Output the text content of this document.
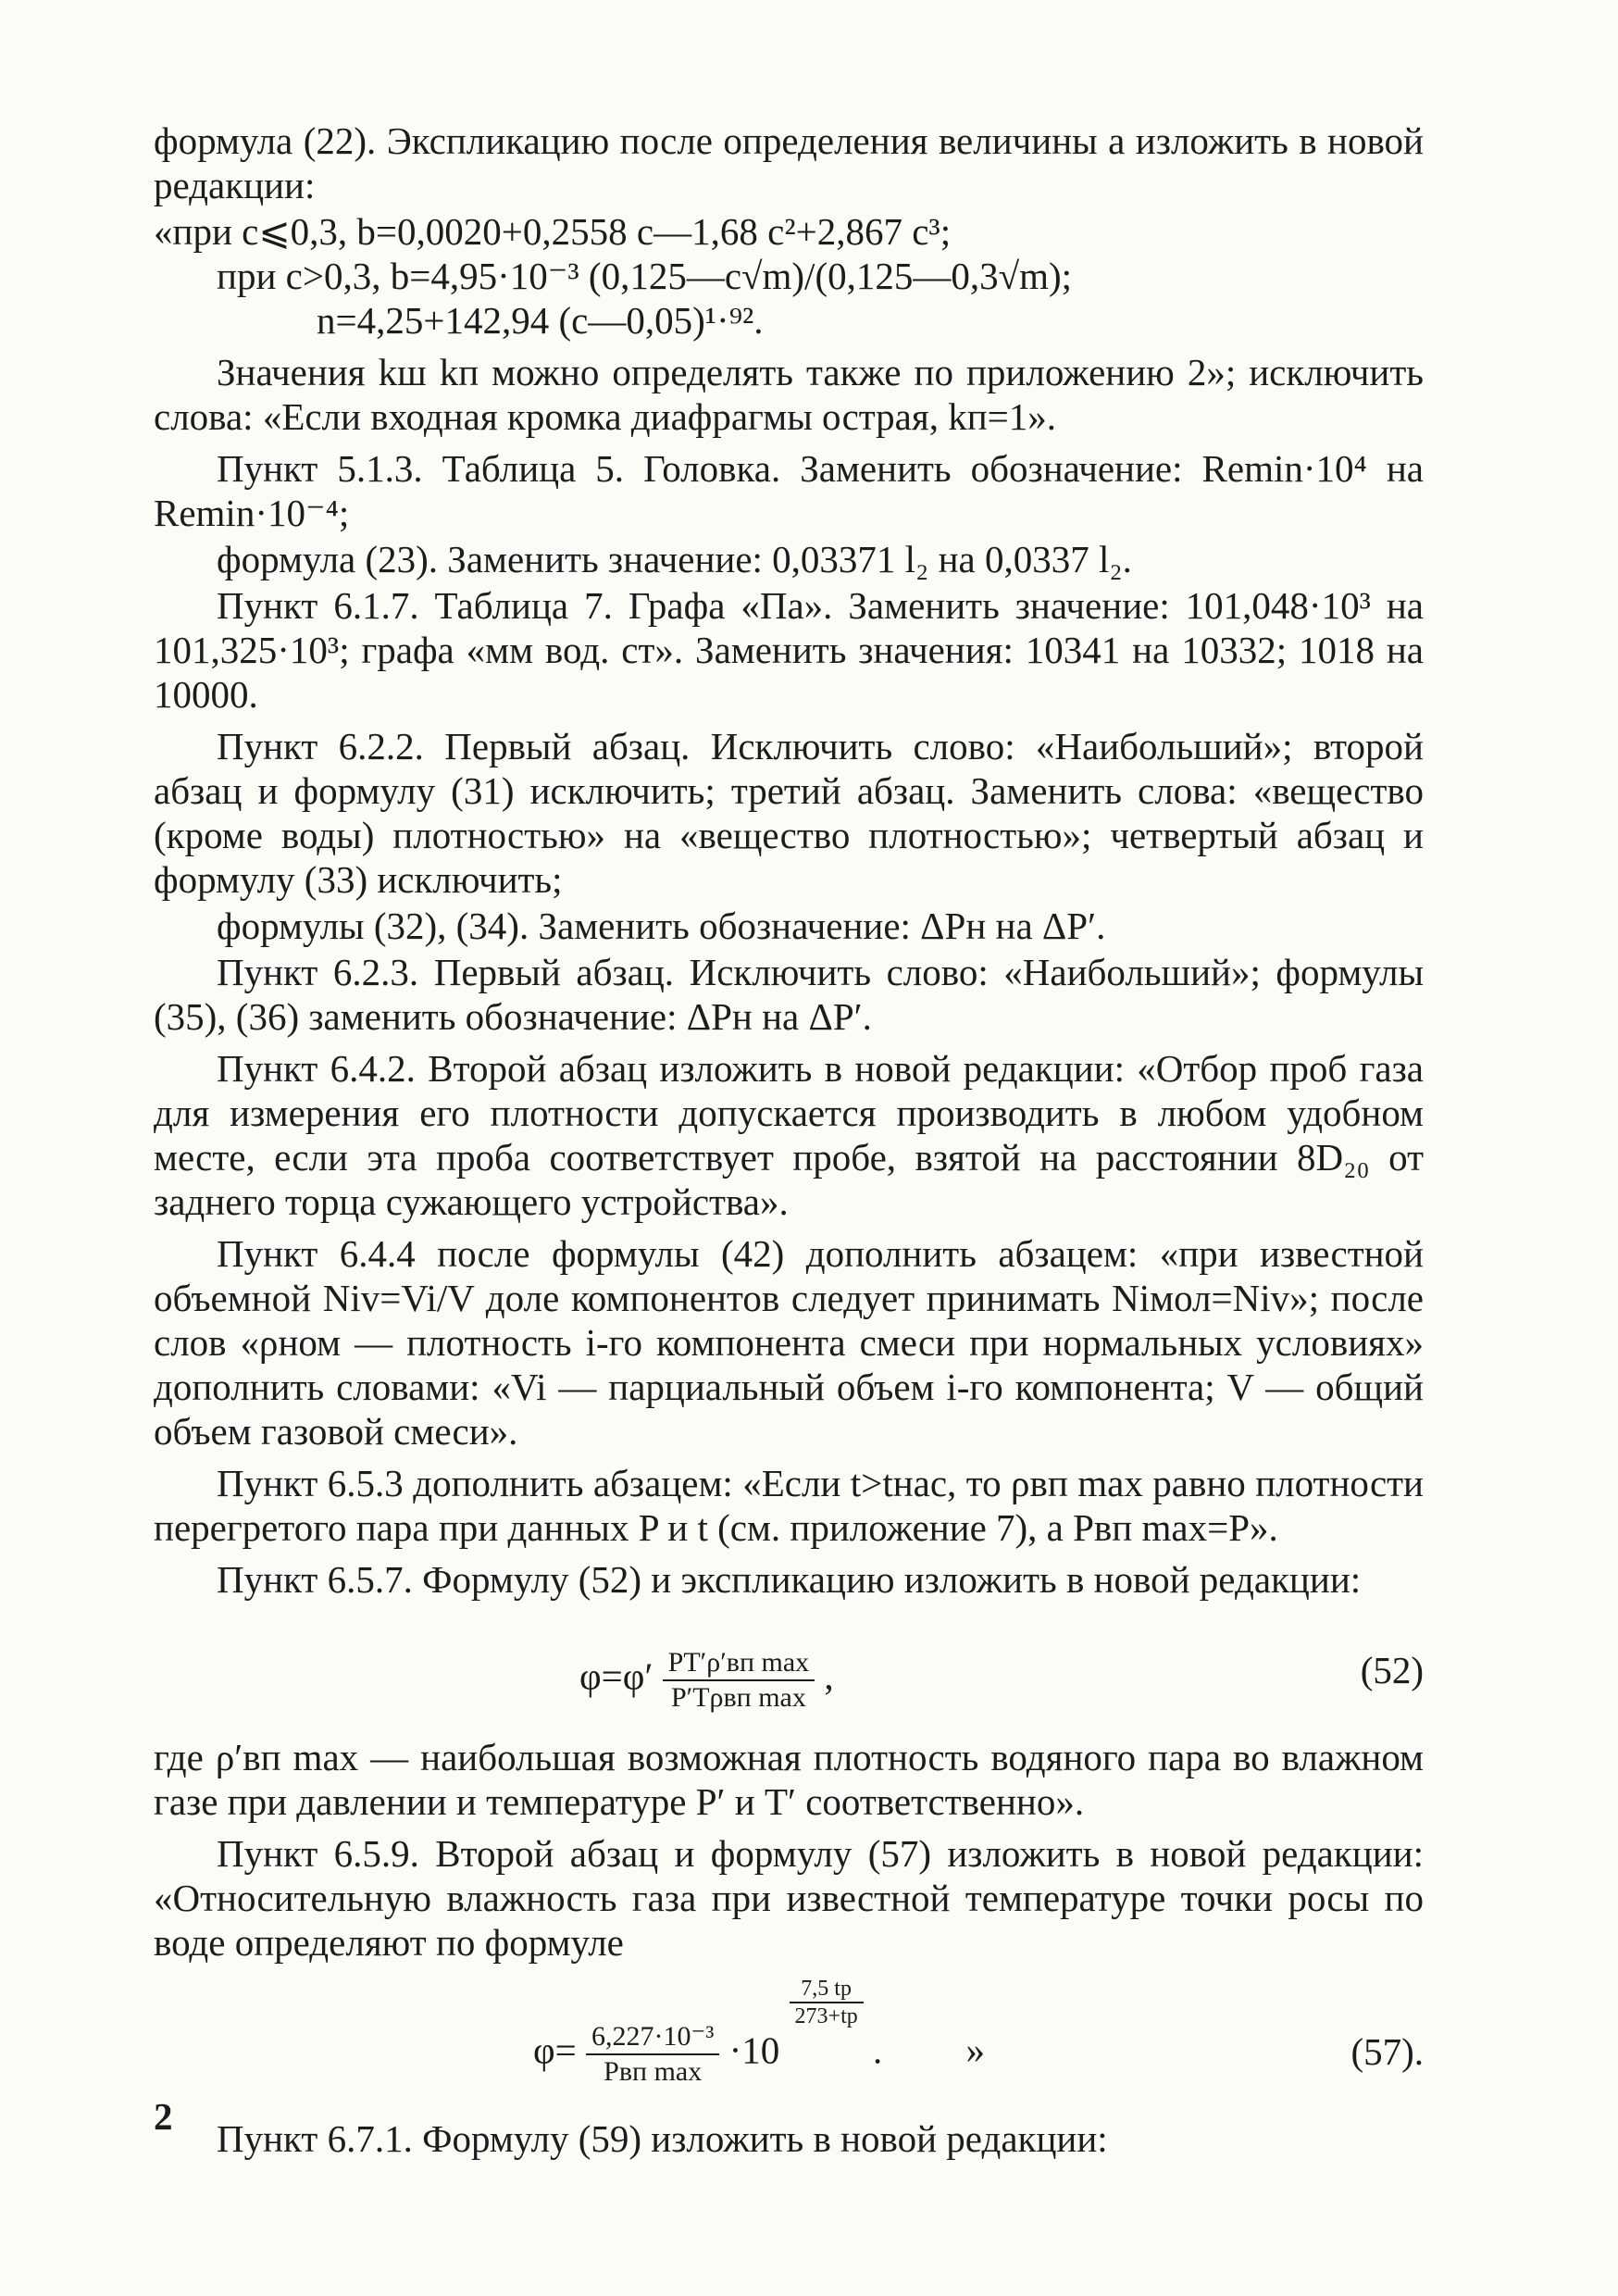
формула (22). Экспликацию после определения величины a изложить в новой редакции:

«при c⩽0,3, b=0,0020+0,2558 c—1,68 c²+2,867 c³;
при c>0,3, b=4,95·10⁻³ (0,125—c√m)/(0,125—0,3√m);
n=4,25+142,94 (c—0,05)¹·⁹².

Значения kш kп можно определять также по приложению 2»; исключить слова: «Если входная кромка диафрагмы острая, kп=1».

Пункт 5.1.3. Таблица 5. Головка. Заменить обозначение: Remin·10⁴ на Remin·10⁻⁴;

формула (23). Заменить значение: 0,03371 l₂ на 0,0337 l₂.

Пункт 6.1.7. Таблица 7. Графа «Па». Заменить значение: 101,048·10³ на 101,325·10³; графа «мм вод. ст». Заменить значения: 10341 на 10332; 1018 на 10000.

Пункт 6.2.2. Первый абзац. Исключить слово: «Наибольший»; второй абзац и формулу (31) исключить; третий абзац. Заменить слова: «вещество (кроме воды) плотностью» на «вещество плотностью»; четвертый абзац и формулу (33) исключить;

формулы (32), (34). Заменить обозначение: ΔPн на ΔP′.

Пункт 6.2.3. Первый абзац. Исключить слово: «Наибольший»; формулы (35), (36) заменить обозначение: ΔPн на ΔP′.

Пункт 6.4.2. Второй абзац изложить в новой редакции: «Отбор проб газа для измерения его плотности допускается производить в любом удобном месте, если эта проба соответствует пробе, взятой на расстоянии 8D₂₀ от заднего торца сужающего устройства».

Пункт 6.4.4 после формулы (42) дополнить абзацем: «при известной объемной Niv=Vi/V доле компонентов следует принимать Niмол=Niv»; после слов «ρном — плотность i-го компонента смеси при нормальных условиях» дополнить словами: «Vi — парциальный объем i-го компонента; V — общий объем газовой смеси».

Пункт 6.5.3 дополнить абзацем: «Если t>tнас, то ρвп max равно плотности перегретого пара при данных P и t (см. приложение 7), а Pвп max=P».

Пункт 6.5.7. Формулу (52) и экспликацию изложить в новой редакции:

$\varphi=\varphi' \frac{\text{PT′ρ′вп max}}{\text{P′Tρвп max}}$ ,	(52)

где ρ′вп max — наибольшая возможная плотность водяного пара во влажном газе при давлении и температуре P′ и T′ соответственно».

Пункт 6.5.9. Второй абзац и формулу (57) изложить в новой редакции: «Относительную влажность газа при известной температуре точки росы по воде определяют по формуле

$\varphi= \frac{\text{6,227·10⁻³}}{\text{Pвп max}} \cdot 10$
$\frac{7,5 tр}{273+tр}$
. »	(57).

Пункт 6.7.1. Формулу (59) изложить в новой редакции:

2
